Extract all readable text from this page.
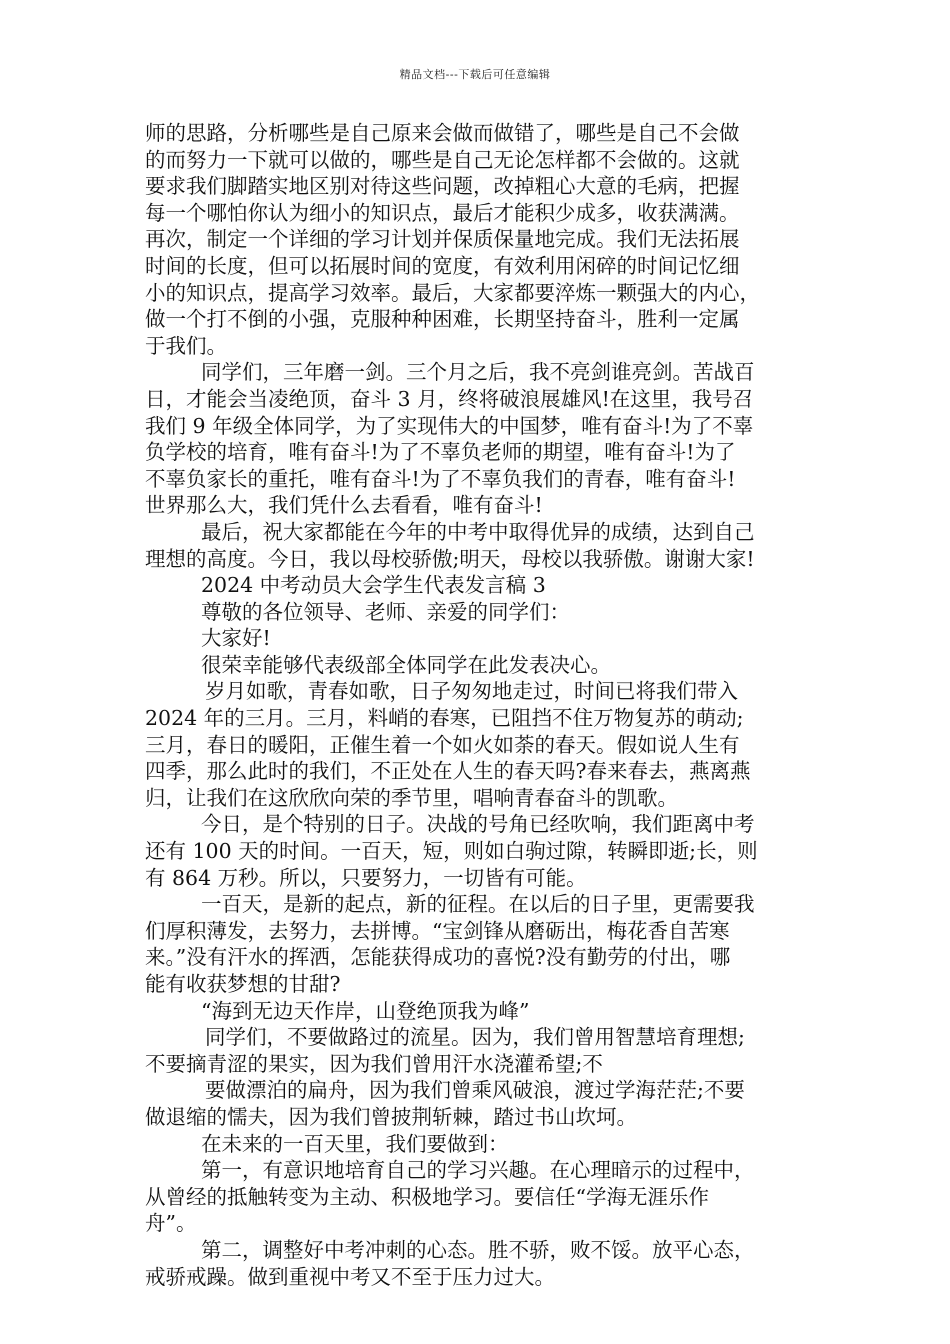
精品文档---下载后可任意编辑
师的思路，分析哪些是自己原来会做而做错了，哪些是自己不会做
的而努力一下就可以做的，哪些是自己无论怎样都不会做的。这就
要求我们脚踏实地区别对待这些问题，改掉粗心大意的毛病，把握
每一个哪怕你认为细小的知识点，最后才能积少成多，收获满满。
再次，制定一个详细的学习计划并保质保量地完成。我们无法拓展
时间的长度，但可以拓展时间的宽度，有效利用闲碎的时间记忆细
小的知识点，提高学习效率。最后，大家都要淬炼一颗强大的内心，
做一个打不倒的小强，克服种种困难，长期坚持奋斗，胜利一定属
于我们。
同学们，三年磨一剑。三个月之后，我不亮剑谁亮剑。苦战百
日，才能会当凌绝顶，奋斗 3 月，终将破浪展雄风!在这里，我号召
我们 9 年级全体同学，为了实现伟大的中国梦，唯有奋斗!为了不辜
负学校的培育，唯有奋斗!为了不辜负老师的期望，唯有奋斗!为了
不辜负家长的重托，唯有奋斗!为了不辜负我们的青春，唯有奋斗!
世界那么大，我们凭什么去看看，唯有奋斗!
最后，祝大家都能在今年的中考中取得优异的成绩，达到自己
理想的高度。今日，我以母校骄傲;明天，母校以我骄傲。谢谢大家!
2024 中考动员大会学生代表发言稿 3
尊敬的各位领导、老师、亲爱的同学们：
大家好!
很荣幸能够代表级部全体同学在此发表决心。
岁月如歌，青春如歌，日子匆匆地走过，时间已将我们带入
2024 年的三月。三月，料峭的春寒，已阻挡不住万物复苏的萌动;
三月，春日的暖阳，正催生着一个如火如荼的春天。假如说人生有
四季，那么此时的我们，不正处在人生的春天吗?春来春去，燕离燕
归，让我们在这欣欣向荣的季节里，唱响青春奋斗的凯歌。
今日，是个特别的日子。决战的号角已经吹响，我们距离中考
还有 100 天的时间。一百天，短，则如白驹过隙，转瞬即逝;长，则
有 864 万秒。所以，只要努力，一切皆有可能。
一百天，是新的起点，新的征程。在以后的日子里，更需要我
们厚积薄发，去努力，去拼博。“宝剑锋从磨砺出，梅花香自苦寒
来。”没有汗水的挥洒，怎能获得成功的喜悦?没有勤劳的付出，哪
能有收获梦想的甘甜?
“海到无边天作岸，山登绝顶我为峰”
同学们，不要做路过的流星。因为，我们曾用智慧培育理想;
不要摘青涩的果实，因为我们曾用汗水浇灌希望;不
要做漂泊的扁舟，因为我们曾乘风破浪，渡过学海茫茫;不要
做退缩的懦夫，因为我们曾披荆斩棘，踏过书山坎坷。
在未来的一百天里，我们要做到：
第一，有意识地培育自己的学习兴趣。在心理暗示的过程中，
从曾经的抵触转变为主动、积极地学习。要信任“学海无涯乐作
舟”。
第二，调整好中考冲刺的心态。胜不骄，败不馁。放平心态，
戒骄戒躁。做到重视中考又不至于压力过大。
